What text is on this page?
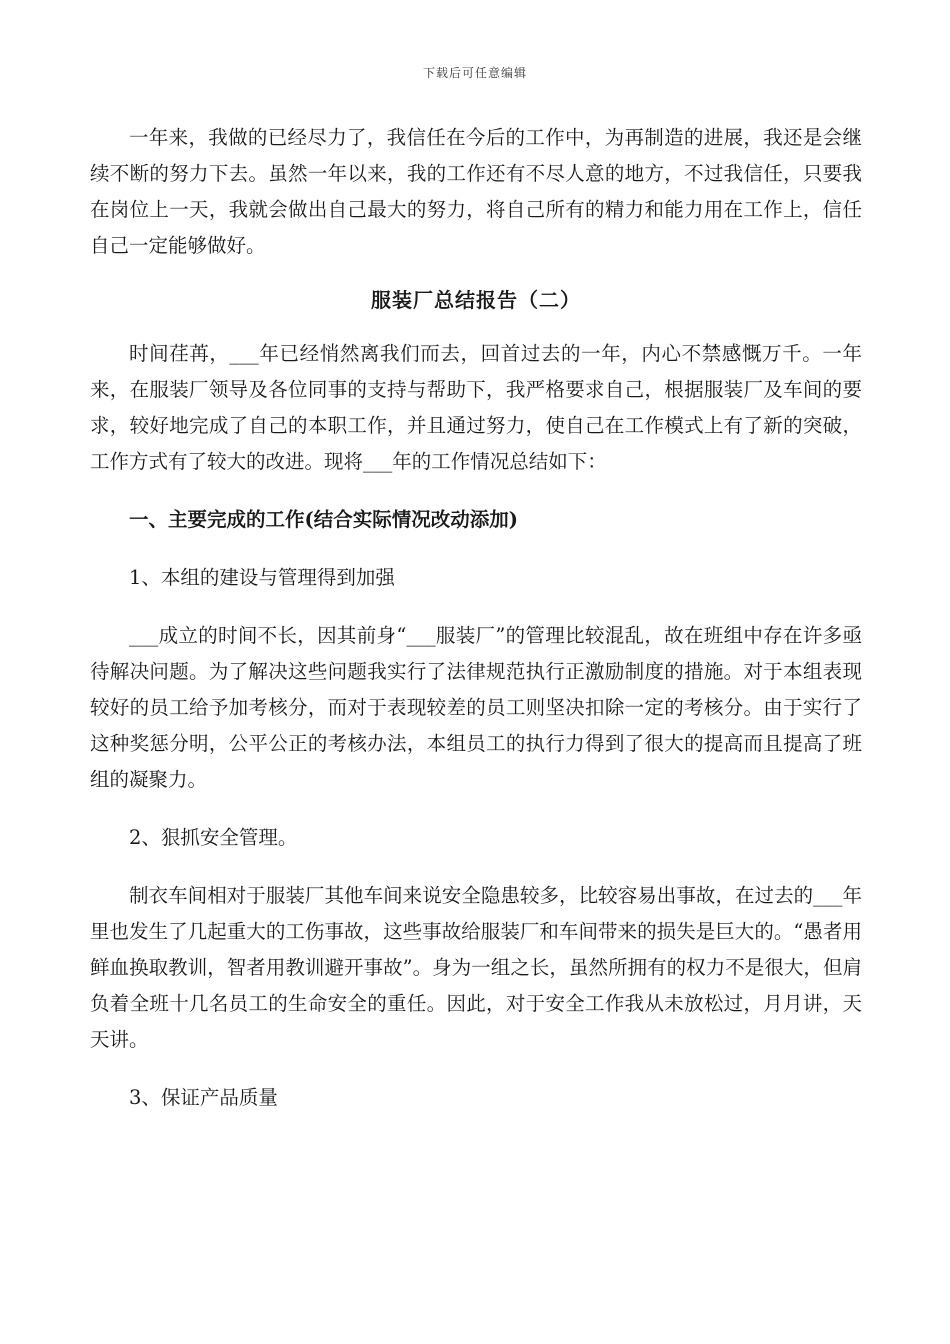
下载后可任意编辑

一年来，我做的已经尽力了，我信任在今后的工作中，为再制造的进展，我还是会继续不断的努力下去。虽然一年以来，我的工作还有不尽人意的地方，不过我信任，只要我在岗位上一天，我就会做出自己最大的努力，将自己所有的精力和能力用在工作上，信任自己一定能够做好。

服装厂总结报告（二）

时间荏苒，___年已经悄然离我们而去，回首过去的一年，内心不禁感慨万千。一年来，在服装厂领导及各位同事的支持与帮助下，我严格要求自己，根据服装厂及车间的要求，较好地完成了自己的本职工作，并且通过努力，使自己在工作模式上有了新的突破，工作方式有了较大的改进。现将___年的工作情况总结如下：

一、主要完成的工作(结合实际情况改动添加)

1、本组的建设与管理得到加强

___成立的时间不长，因其前身“___服装厂”的管理比较混乱，故在班组中存在许多亟待解决问题。为了解决这些问题我实行了法律规范执行正激励制度的措施。对于本组表现较好的员工给予加考核分，而对于表现较差的员工则坚决扣除一定的考核分。由于实行了这种奖惩分明，公平公正的考核办法，本组员工的执行力得到了很大的提高而且提高了班组的凝聚力。

2、狠抓安全管理。

制衣车间相对于服装厂其他车间来说安全隐患较多，比较容易出事故，在过去的___年里也发生了几起重大的工伤事故，这些事故给服装厂和车间带来的损失是巨大的。“愚者用鲜血换取教训，智者用教训避开事故”。身为一组之长，虽然所拥有的权力不是很大，但肩负着全班十几名员工的生命安全的重任。因此，对于安全工作我从未放松过，月月讲，天天讲。

3、保证产品质量
